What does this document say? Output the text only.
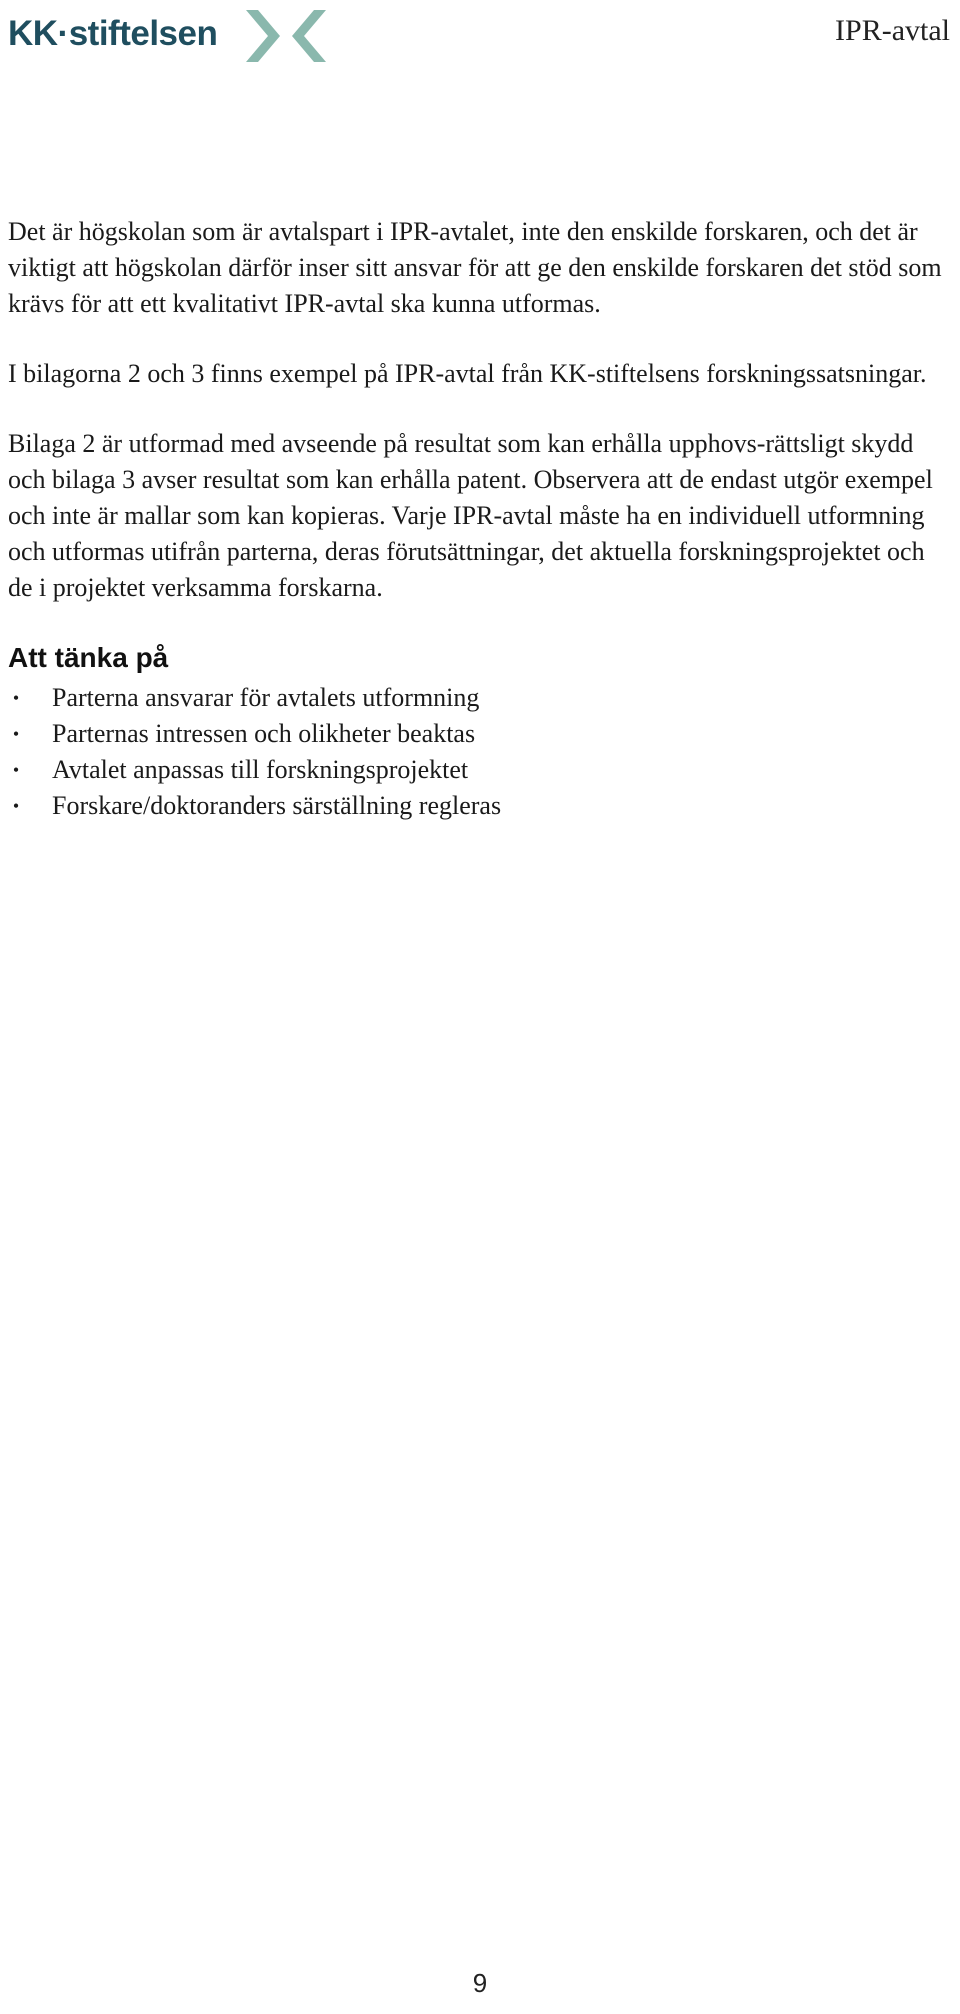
KK·stiftelsen	IPR-avtal

Det är högskolan som är avtalspart i IPR-avtalet, inte den enskilde forskaren, och det är viktigt att högskolan därför inser sitt ansvar för att ge den enskilde forskaren det stöd som krävs för att ett kvalitativt IPR-avtal ska kunna utformas.

I bilagorna 2 och 3 finns exempel på IPR-avtal från KK-stiftelsens forskningssatsningar.

Bilaga 2 är utformad med avseende på resultat som kan erhålla upphovs-rättsligt skydd och bilaga 3 avser resultat som kan erhålla patent. Observera att de endast utgör exempel och inte är mallar som kan kopieras. Varje IPR-avtal måste ha en individuell utformning och utformas utifrån parterna, deras förutsättningar, det aktuella forskningsprojektet och de i projektet verksamma forskarna.

Att tänka på
• Parterna ansvarar för avtalets utformning
• Parternas intressen och olikheter beaktas
• Avtalet anpassas till forskningsprojektet
• Forskare/doktoranders särställning regleras
9
